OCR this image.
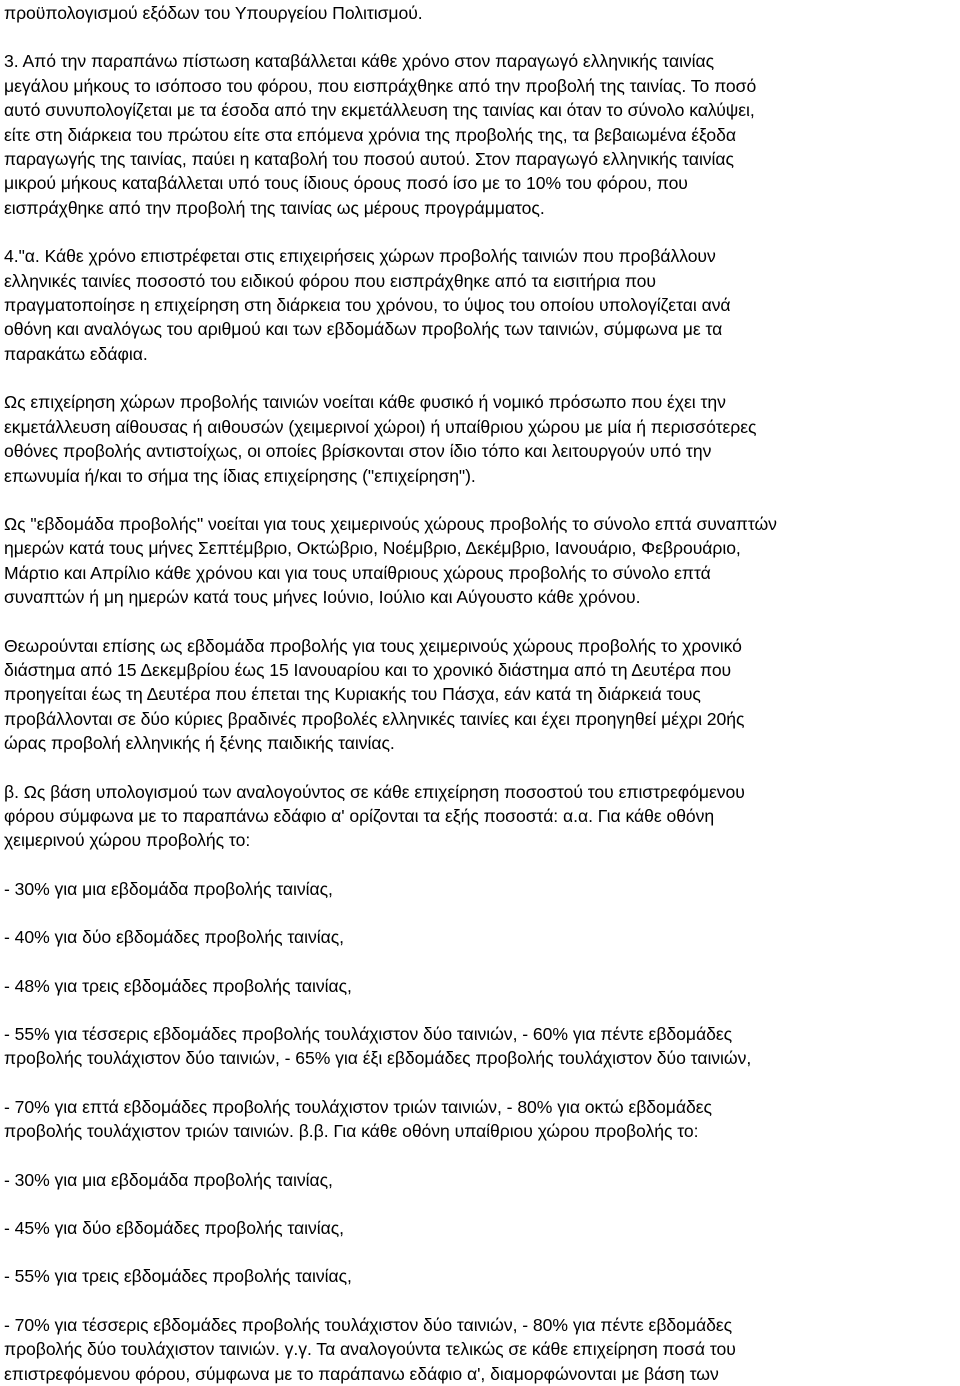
προϋπολογισμού εξόδων του Υπουργείου Πολιτισμού.

3. Από την παραπάνω πίστωση καταβάλλεται κάθε χρόνο στον παραγωγό ελληνικής ταινίας
μεγάλου μήκους το ισόποσο του φόρου, που εισπράχθηκε από την προβολή της ταινίας. Το ποσό
αυτό συνυπολογίζεται με τα έσοδα από την εκμετάλλευση της ταινίας και όταν το σύνολο καλύψει,
είτε στη διάρκεια του πρώτου είτε στα επόμενα χρόνια της προβολής της, τα βεβαιωμένα έξοδα
παραγωγής της ταινίας, παύει η καταβολή του ποσού αυτού. Στον παραγωγό ελληνικής ταινίας
μικρού μήκους καταβάλλεται υπό τους ίδιους όρους ποσό ίσο με το 10% του φόρου, που
εισπράχθηκε από την προβολή της ταινίας ως μέρους προγράμματος.

4."α. Κάθε χρόνο επιστρέφεται στις επιχειρήσεις χώρων προβολής ταινιών που προβάλλουν
ελληνικές ταινίες ποσοστό του ειδικού φόρου που εισπράχθηκε από τα εισιτήρια που
πραγματοποίησε η επιχείρηση στη διάρκεια του χρόνου, το ύψος του οποίου υπολογίζεται ανά
οθόνη και αναλόγως του αριθμού και των εβδομάδων προβολής των ταινιών, σύμφωνα με τα
παρακάτω εδάφια.

Ως επιχείρηση χώρων προβολής ταινιών νοείται κάθε φυσικό ή νομικό πρόσωπο που έχει την
εκμετάλλευση αίθουσας ή αιθουσών (χειμερινοί χώροι) ή υπαίθριου χώρου με μία ή περισσότερες
οθόνες προβολής αντιστοίχως, οι οποίες βρίσκονται στον ίδιο τόπο και λειτουργούν υπό την
επωνυμία ή/και το σήμα της ίδιας επιχείρησης ("επιχείρηση").

Ως "εβδομάδα προβολής" νοείται για τους χειμερινούς χώρους προβολής το σύνολο επτά συναπτών
ημερών κατά τους μήνες Σεπτέμβριο, Οκτώβριο, Νοέμβριο, Δεκέμβριο, Ιανουάριο, Φεβρουάριο,
Μάρτιο και Απρίλιο κάθε χρόνου και για τους υπαίθριους χώρους προβολής το σύνολο επτά
συναπτών ή μη ημερών κατά τους μήνες Ιούνιο, Ιούλιο και Αύγουστο κάθε χρόνου.

Θεωρούνται επίσης ως εβδομάδα προβολής για τους χειμερινούς χώρους προβολής το χρονικό
διάστημα από 15 Δεκεμβρίου έως 15 Ιανουαρίου και το χρονικό διάστημα από τη Δευτέρα που
προηγείται έως τη Δευτέρα που έπεται της Κυριακής του Πάσχα, εάν κατά τη διάρκειά τους
προβάλλονται σε δύο κύριες βραδινές προβολές ελληνικές ταινίες και έχει προηγηθεί μέχρι 20ής
ώρας προβολή ελληνικής ή ξένης παιδικής ταινίας.

β. Ως βάση υπολογισμού των αναλογούντος σε κάθε επιχείρηση ποσοστού του επιστρεφόμενου
φόρου σύμφωνα με το παραπάνω εδάφιο α' ορίζονται τα εξής ποσοστά: α.α. Για κάθε οθόνη
χειμερινού χώρου προβολής το:

- 30% για μια εβδομάδα προβολής ταινίας,

- 40% για δύο εβδομάδες προβολής ταινίας,

- 48% για τρεις εβδομάδες προβολής ταινίας,

- 55% για τέσσερις εβδομάδες προβολής τουλάχιστον δύο ταινιών, - 60% για πέντε εβδομάδες
προβολής τουλάχιστον δύο ταινιών, - 65% για έξι εβδομάδες προβολής τουλάχιστον δύο ταινιών,

- 70% για επτά εβδομάδες προβολής τουλάχιστον τριών ταινιών, - 80% για οκτώ εβδομάδες
προβολής τουλάχιστον τριών ταινιών. β.β. Για κάθε οθόνη υπαίθριου χώρου προβολής το:

- 30% για μια εβδομάδα προβολής ταινίας,

- 45% για δύο εβδομάδες προβολής ταινίας,

- 55% για τρεις εβδομάδες προβολής ταινίας,

- 70% για τέσσερις εβδομάδες προβολής τουλάχιστον δύο ταινιών, - 80% για πέντε εβδομάδες
προβολής δύο τουλάχιστον ταινιών. γ.γ. Τα αναλογούντα τελικώς σε κάθε επιχείρηση ποσά του
επιστρεφόμενου φόρου, σύμφωνα με το παράπανω εδάφιο α', διαμορφώνονται με βάση των
